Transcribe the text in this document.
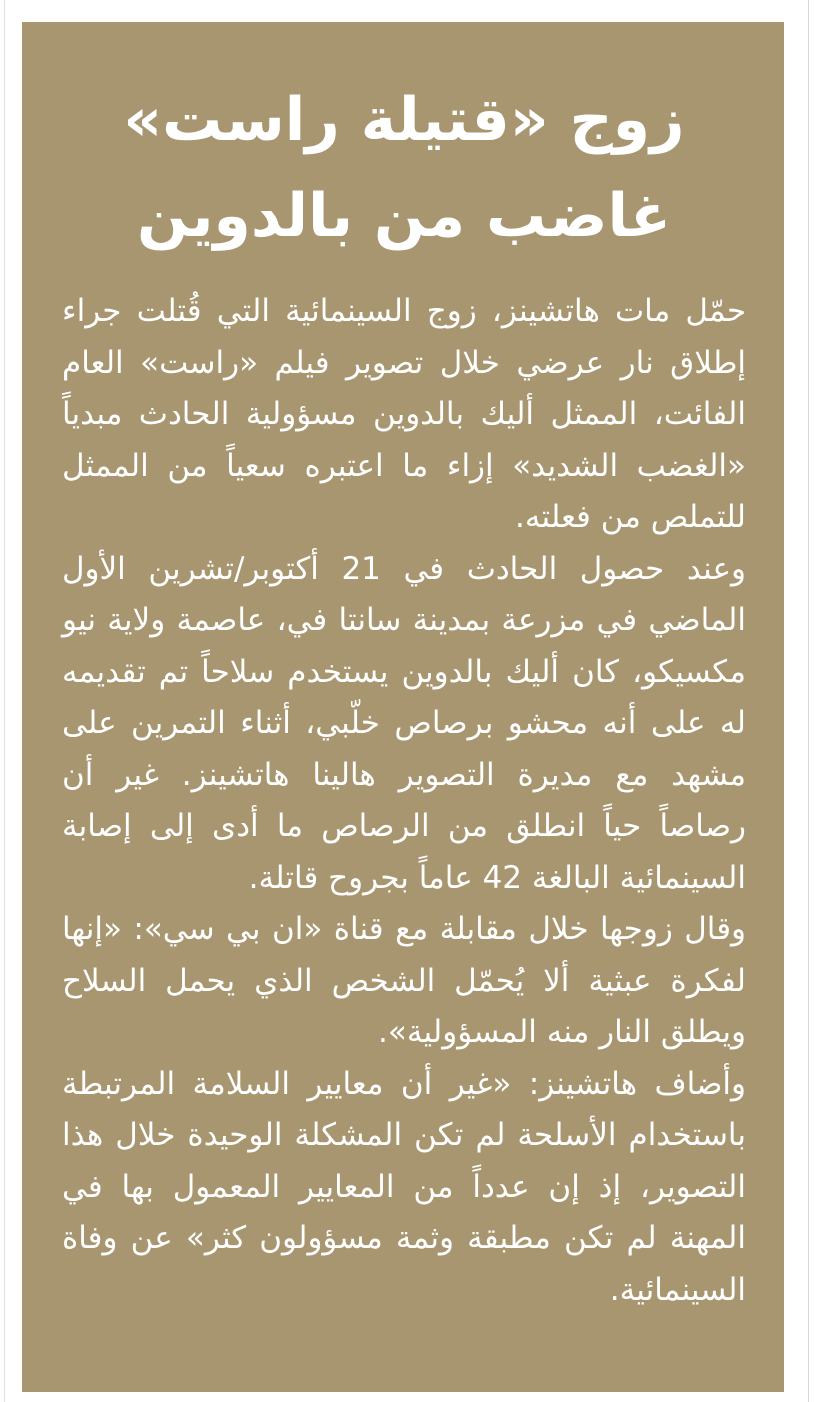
زوج «قتيلة راست»
غاضب من بالدوين

حمّل مات هاتشينز، زوج السينمائية التي قُتلت جراء إطلاق نار عرضي خلال تصوير فيلم «راست» العام الفائت، الممثل أليك بالدوين مسؤولية الحادث مبدياً «الغضب الشديد» إزاء ما اعتبره سعياً من الممثل للتملص من فعلته.

وعند حصول الحادث في 21 أكتوبر/تشرين الأول الماضي في مزرعة بمدينة سانتا في، عاصمة ولاية نيو مكسيكو، كان أليك بالدوين يستخدم سلاحاً تم تقديمه له على أنه محشو برصاص خلّبي، أثناء التمرين على مشهد مع مديرة التصوير هالينا هاتشينز. غير أن رصاصاً حياً انطلق من الرصاص ما أدى إلى إصابة السينمائية البالغة 42 عاماً بجروح قاتلة.

وقال زوجها خلال مقابلة مع قناة «ان بي سي»: «إنها لفكرة عبثية ألا يُحمّل الشخص الذي يحمل السلاح ويطلق النار منه المسؤولية».

وأضاف هاتشينز: «غير أن معايير السلامة المرتبطة باستخدام الأسلحة لم تكن المشكلة الوحيدة خلال هذا التصوير، إذ إن عدداً من المعايير المعمول بها في المهنة لم تكن مطبقة وثمة مسؤولون كثر» عن وفاة السينمائية.
